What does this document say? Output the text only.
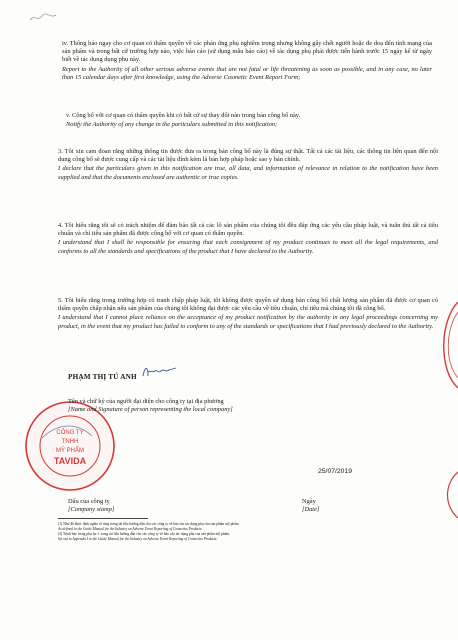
iv. Thông báo ngay cho cơ quan có thẩm quyền về các phản ứng phụ nghiêm trọng nhưng không gây chết người hoặc đe doạ đến tính mạng của sản phẩm và trong bất cứ trường hợp nào, việc báo cáo (sử dụng mẫu báo cáo) về tác dụng phụ phải được tiến hành trước 15 ngày kể từ ngày biết về tác dụng dụng phụ này.

Report to the Authority of all other serious adverse events that are not fatal or life threatening as soon as possible, and in any case, no later than 15 calendar days after first knowledge, using the Adverse Cosmetic Event Report Form;

v. Công bố với cơ quan có thẩm quyền khi có bất cứ sự thay đổi nào trong bản công bố này.

Notify the Authority of any change in the particulars submitted in this notification;

3. Tôi xin cam đoan rằng những thông tin được đưa ra trong bản công bố này là đúng sự thật. Tất cả các tài liệu, các thông tin liên quan đến nội dung công bố sẽ được cung cấp và các tài liệu đính kèm là bản hợp pháp hoặc sao y bản chính.

I declare that the particulars given in this notification are true, all data, and information of relevance in relation to the notification have been supplied and that the documents enclosed are authentic or true copies.

4. Tôi hiểu rằng tôi sẽ có trách nhiệm để đảm bảo tất cả các lô sản phẩm của chúng tôi đều đáp ứng các yêu cầu pháp luật, và tuân thủ tất cả tiêu chuẩn và chỉ tiêu sản phẩm đã được công bố với cơ quan có thẩm quyền.

I understand that I shall be responsible for ensuring that each consignment of my product continues to meet all the legal requirements, and conforms to all the standards and specifications of the product that I have declared to the Authority.

5. Tôi hiểu rằng trong trường hợp có tranh chấp pháp luật, tôi không được quyền sử dụng bản công bố chất lượng sản phẩm đã được cơ quan có thẩm quyền chấp nhận nếu sản phẩm của chúng tôi không đạt được các yêu cầu về tiêu chuẩn, chỉ tiêu mà chúng tôi đã công bố.

I understand that I cannot place reliance on the acceptance of my product notification by the authority in any legal proceedings concerning my product, in the event that my product has failed to conform to any of the standards or specifications that I had previously declared to the Authority.

PHẠM THỊ TÚ ANH
CÔNG TY
TNHH
MỸ PHẨM
TAVIDA
Tên và chữ ký của người đại diện cho công ty tại địa phương
[Name and Signature of person representing the local company]
25/07/2019
Dấu của công ty
[Company stamp]
Ngày
[Date]
(1) Như đã được định nghĩa rõ ràng trong tài liệu hướng dẫn cho các công ty về báo cáo tác dụng phụ của sản phẩm mỹ phẩm.
As defined in the Guide Manual for the Industry on Adverse Event Reporting of Cosmetics Products.
(2) Trình bày trong phụ lục 1 trong tài liệu hướng dẫn cho các công ty về báo cáo tác dụng phụ của sản phẩm mỹ phẩm.
Set out in Appendix I to the Guide Manual for the Industry on Adverse Event Reporting of Cosmetics Products.
